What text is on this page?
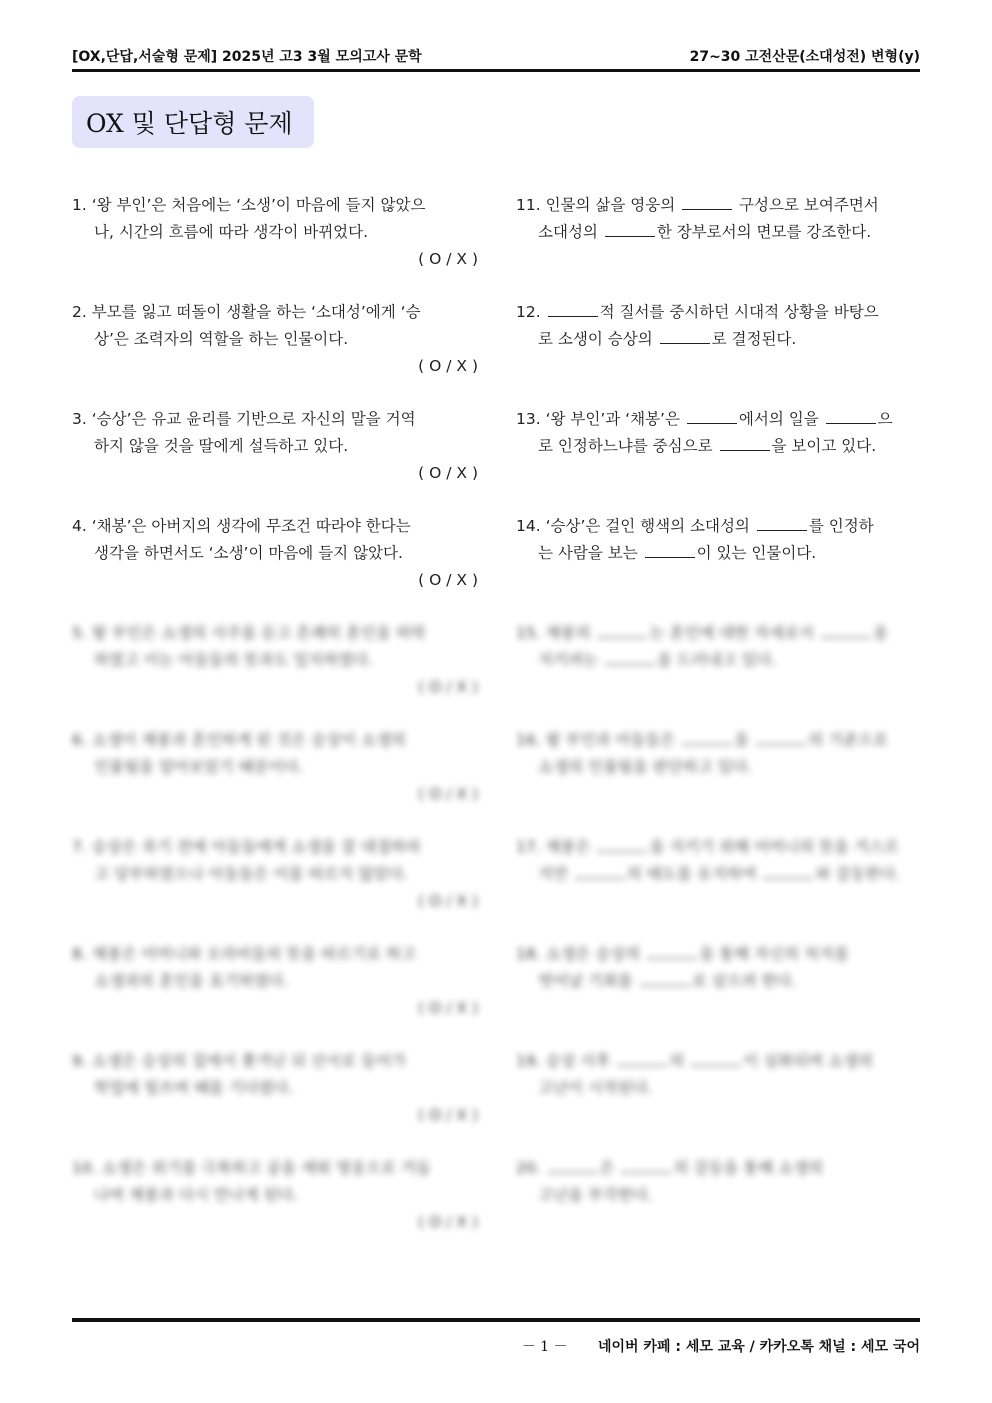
[OX,단답,서술형 문제] 2025년 고3 3월 모의고사 문학	27~30 고전산문(소대성전) 변형(y)
OX 및 단답형 문제
1. ‘왕 부인’은 처음에는 ‘소생’이 마음에 들지 않았으
나, 시간의 흐름에 따라 생각이 바뀌었다.
( O / X )
2. 부모를 잃고 떠돌이 생활을 하는 ‘소대성’에게 ‘승
상’은 조력자의 역할을 하는 인물이다.
( O / X )
3. ‘승상’은 유교 윤리를 기반으로 자신의 말을 거역
하지 않을 것을 딸에게 설득하고 있다.
( O / X )
4. ‘채봉’은 아버지의 생각에 무조건 따라야 한다는
생각을 하면서도 ‘소생’이 마음에 들지 않았다.
( O / X )
5. 왕 부인은 소생의 사주를 듣고 흔쾌히 혼인을 허락
하였고 이는 아들들의 뜻과도 일치하였다.
( O / X )
6. 소생이 채봉과 혼인하게 된 것은 승상이 소생의
인물됨을 알아보았기 때문이다.
( O / X )
7. 승상은 죽기 전에 아들들에게 소생을 잘 대접하라
고 당부하였으나 아들들은 이를 따르지 않았다.
( O / X )
8. 채봉은 어머니와 오라비들의 뜻을 따르기로 하고
소생과의 혼인을 포기하였다.
( O / X )
9. 소생은 승상의 집에서 쫓겨난 뒤 산사로 들어가
학업에 힘쓰며 때를 기다렸다.
( O / X )
10. 소생은 위기를 극복하고 공을 세워 영웅으로 거듭
나며 채봉과 다시 만나게 된다.
( O / X )
11. 인물의 삶을 영웅의	구성으로 보여주면서
소대성의	한 장부로서의 면모를 강조한다.
12.	적 질서를 중시하던 시대적 상황을 바탕으
로 소생이 승상의	로 결정된다.
13. ‘왕 부인’과 ‘채봉’은	에서의 일을	으
로 인정하느냐를 중심으로	을 보이고 있다.
14. ‘승상’은 걸인 행색의 소대성의	를 인정하
는 사람을 보는	이 있는 인물이다.
15. 채봉의	는 혼인에 대한 자세로서	을
지키려는	을 드러내고 있다.
16. 왕 부인과 아들들은	을	의 기준으로
소생의 인물됨을 판단하고 있다.
17. 채봉은	을 지키기 위해 어머니의 뜻을 거스르
지만	의 태도를 유지하여	와 갈등한다.
18. 소생은 승상의	을 통해 자신의 처지를
벗어날 기회를	로 삼으려 한다.
19. 승상 사후	의	이 심화되며 소생의
고난이 시작된다.
20.	은	의 갈등을 통해 소생의
고난을 부각한다.
－ 1 － 네이버 카페 : 세모 교육 / 카카오톡 채널 : 세모 국어
